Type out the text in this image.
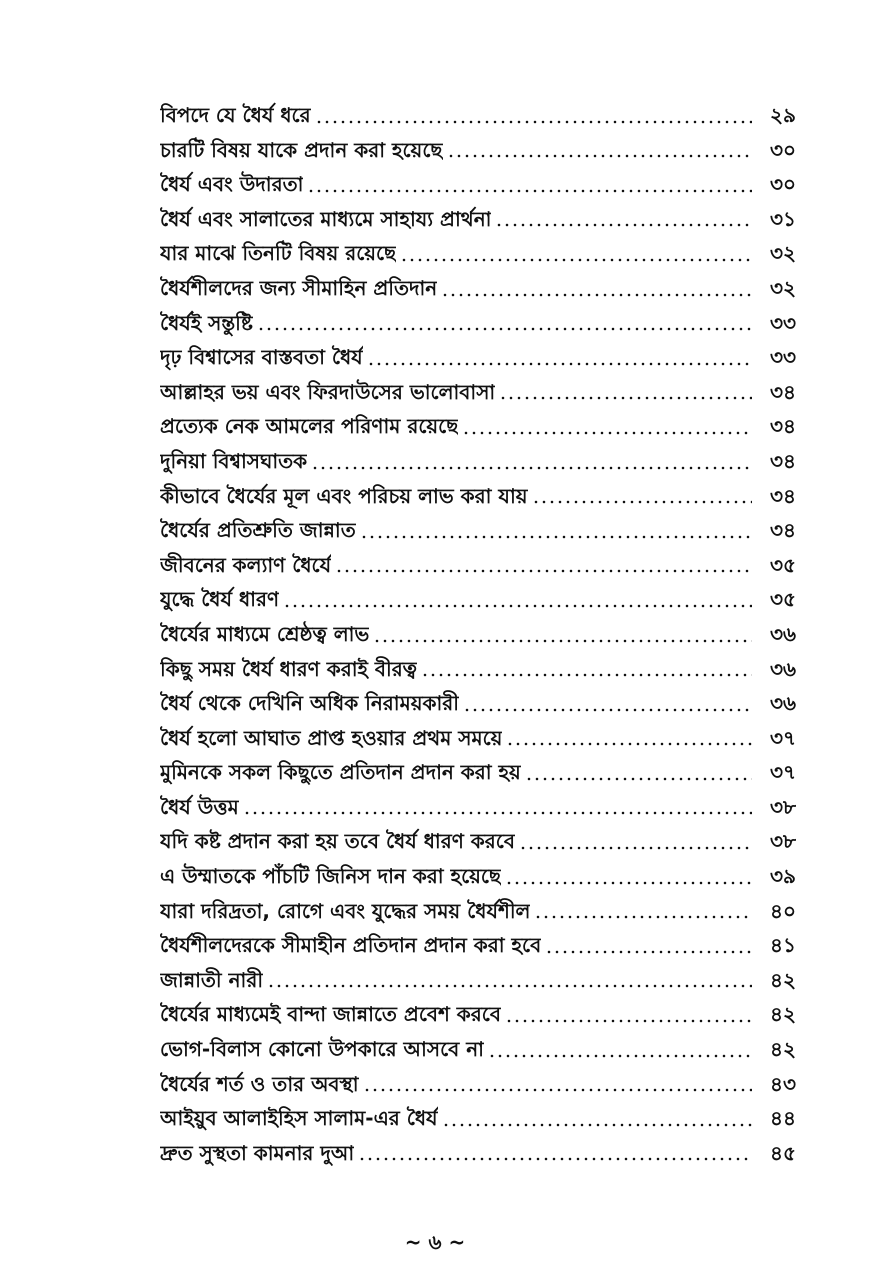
বিপদে যে ধৈর্য ধরে	২৯
চারটি বিষয় যাকে প্রদান করা হয়েছে	৩০
ধৈর্য এবং উদারতা	৩০
ধৈর্য এবং সালাতের মাধ্যমে সাহায্য প্রার্থনা	৩১
যার মাঝে তিনটি বিষয় রয়েছে	৩২
ধৈর্যশীলদের জন্য সীমাহিন প্রতিদান	৩২
ধৈর্যই সন্তুষ্টি	৩৩
দৃঢ় বিশ্বাসের বাস্তবতা ধৈর্য	৩৩
আল্লাহর ভয় এবং ফিরদাউসের ভালোবাসা	৩৪
প্রত্যেক নেক আমলের পরিণাম রয়েছে	৩৪
দুনিয়া বিশ্বাসঘাতক	৩৪
কীভাবে ধৈর্যের মূল এবং পরিচয় লাভ করা যায়	৩৪
ধৈর্যের প্রতিশ্রুতি জান্নাত	৩৪
জীবনের কল্যাণ ধৈর্যে	৩৫
যুদ্ধে ধৈর্য ধারণ	৩৫
ধৈর্যের মাধ্যমে শ্রেষ্ঠত্ব লাভ	৩৬
কিছু সময় ধৈর্য ধারণ করাই বীরত্ব	৩৬
ধৈর্য থেকে দেখিনি অধিক নিরাময়কারী	৩৬
ধৈর্য হলো আঘাত প্রাপ্ত হওয়ার প্রথম সময়ে	৩৭
মুমিনকে সকল কিছুতে প্রতিদান প্রদান করা হয়	৩৭
ধৈর্য উত্তম	৩৮
যদি কষ্ট প্রদান করা হয় তবে ধৈর্য ধারণ করবে	৩৮
এ উম্মাতকে পাঁচটি জিনিস দান করা হয়েছে	৩৯
যারা দরিদ্রতা, রোগে এবং যুদ্ধের সময় ধৈর্যশীল	৪০
ধৈর্যশীলদেরকে সীমাহীন প্রতিদান প্রদান করা হবে	৪১
জান্নাতী নারী	৪২
ধৈর্যের মাধ্যমেই বান্দা জান্নাতে প্রবেশ করবে	৪২
ভোগ-বিলাস কোনো উপকারে আসবে না	৪২
ধৈর্যের শর্ত ও তার অবস্থা	৪৩
আইয়ুব আলাইহিস সালাম-এর ধৈর্য	৪৪
দ্রুত সুস্থতা কামনার দুআ	৪৫
~ ৬ ~
